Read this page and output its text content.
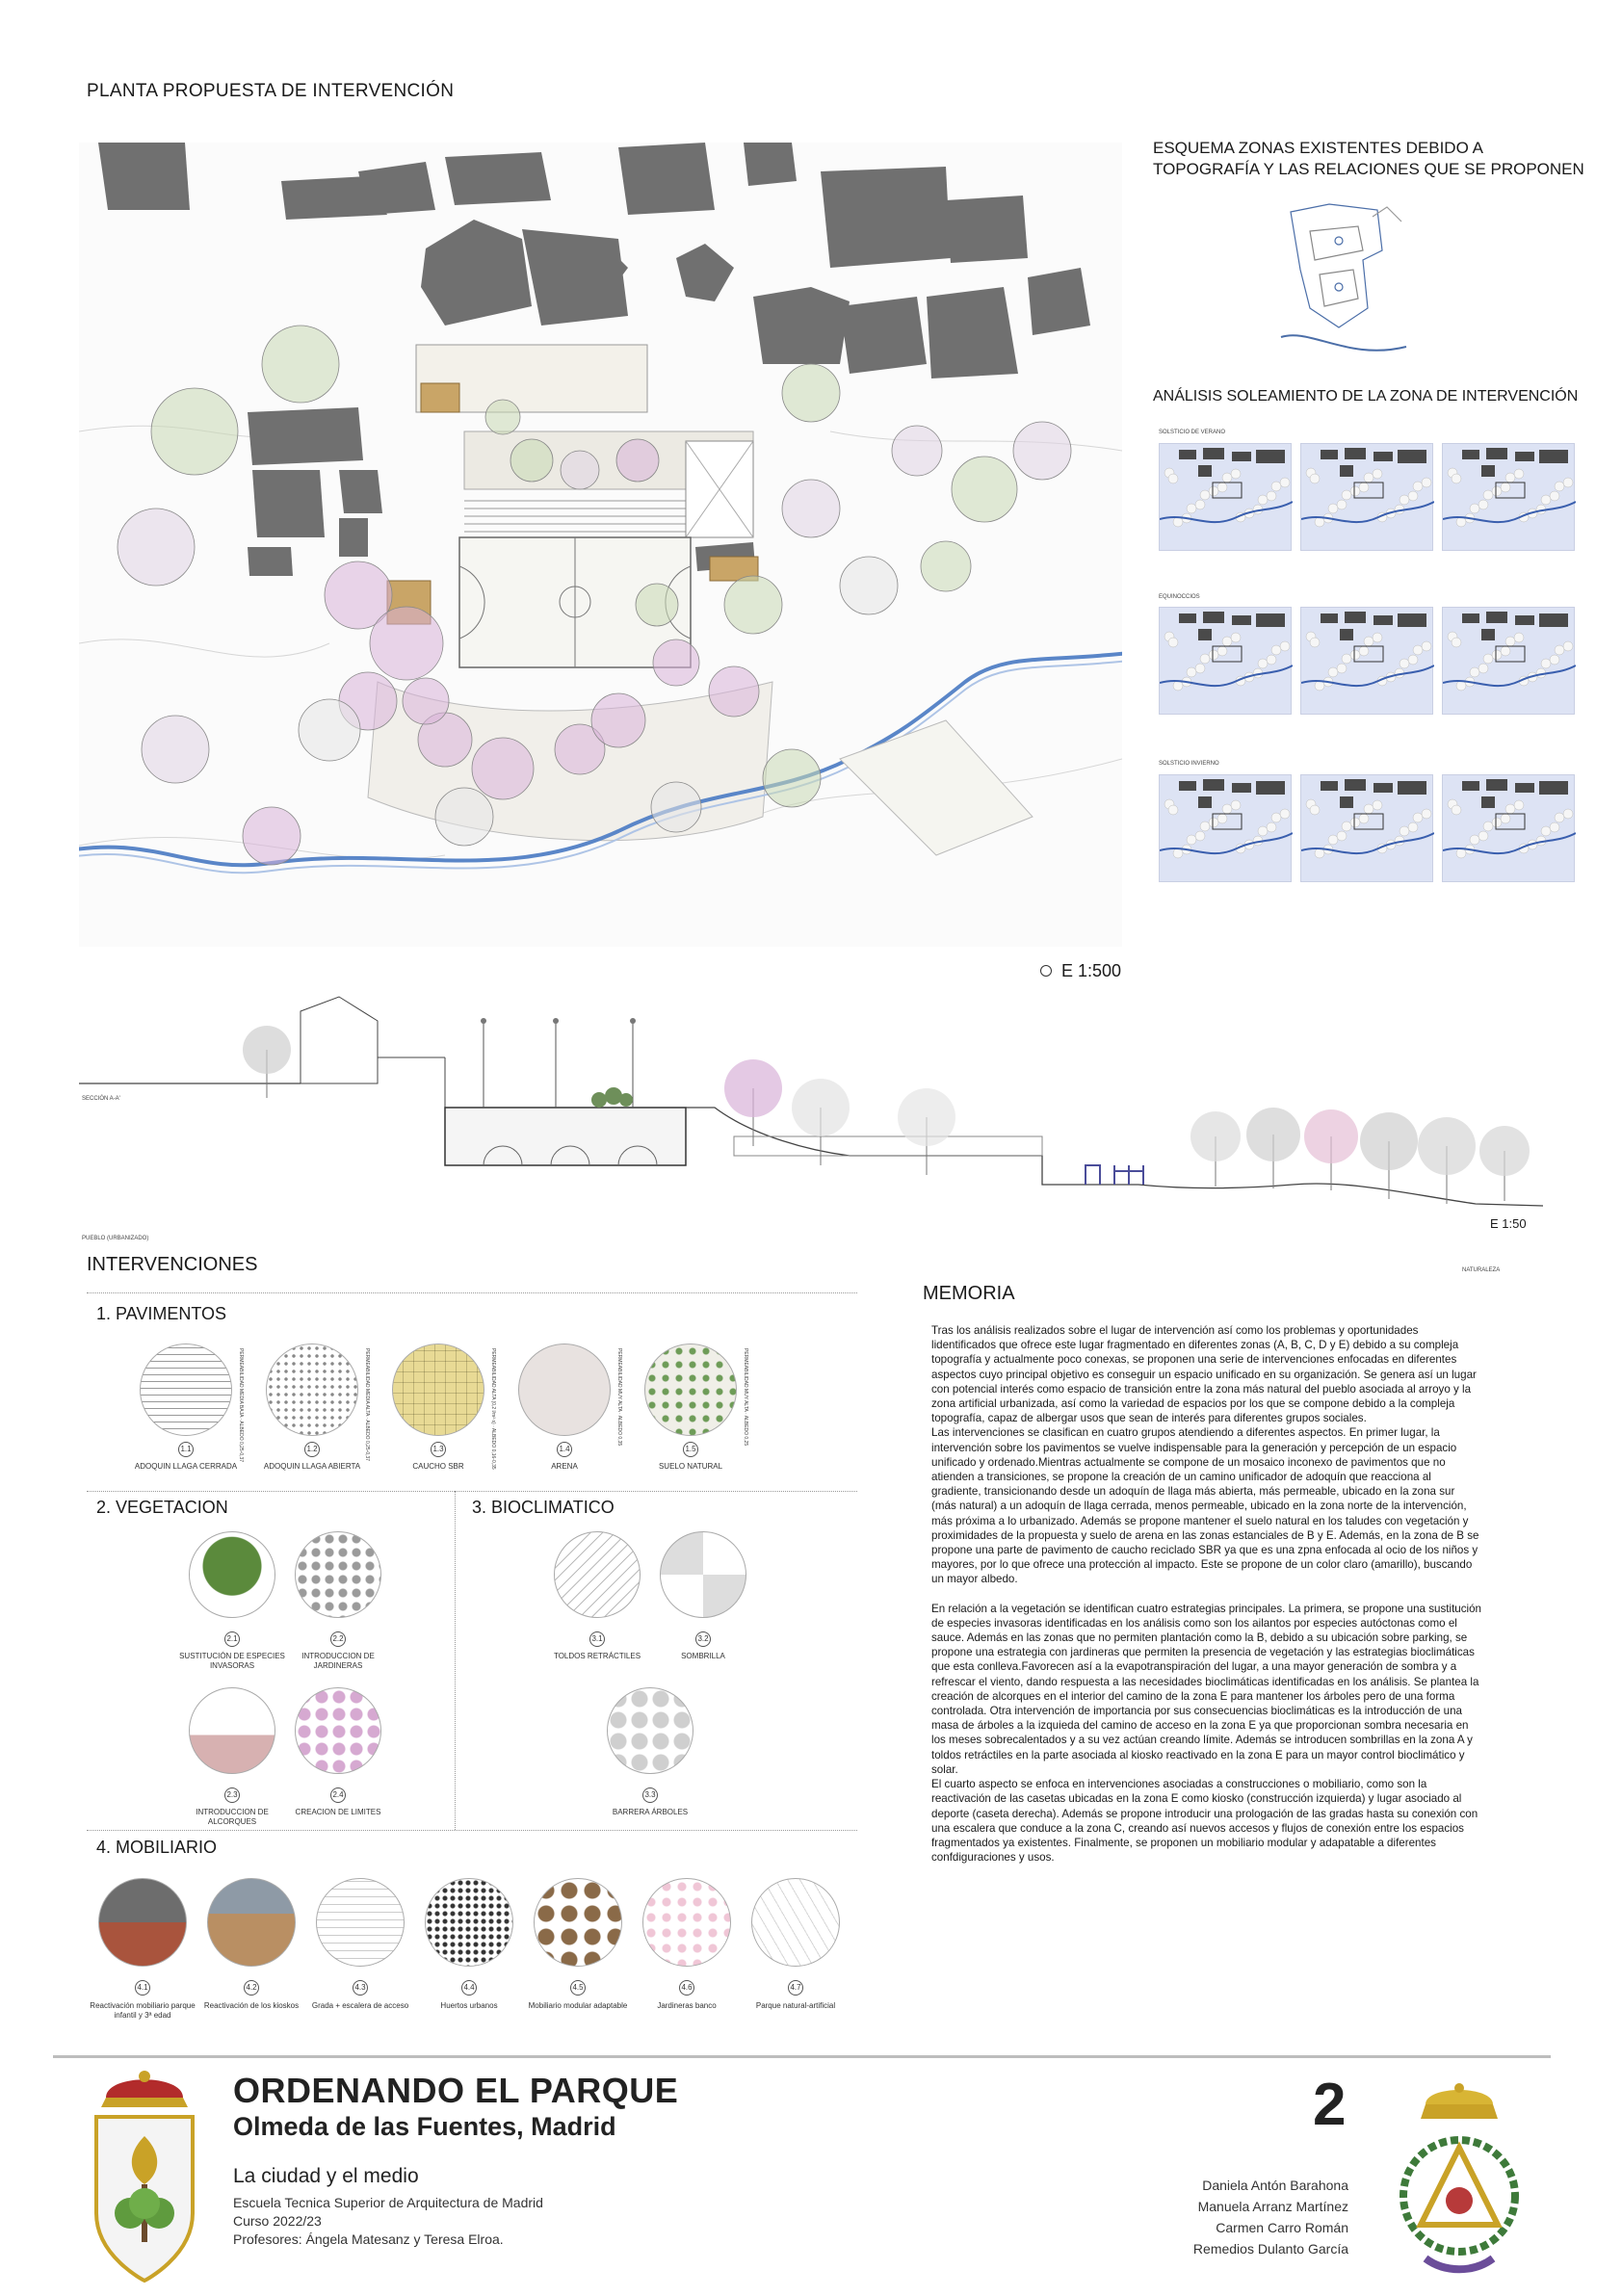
PLANTA PROPUESTA DE INTERVENCIÓN
ESQUEMA ZONAS EXISTENTES DEBIDO A
TOPOGRAFÍA Y LAS RELACIONES QUE SE PROPONEN
ANÁLISIS SOLEAMIENTO DE LA ZONA DE INTERVENCIÓN
SOLSTICIO DE VERANO
EQUINOCCIOS
SOLSTICIO INVIERNO
E 1:500
SECCIÓN A-A'
PUEBLO (URBANIZADO)
E 1:50
NATURALEZA
INTERVENCIONES
1. PAVIMENTOS
PERMEABILIDAD MEDIA BAJA · ALBEDO 0,25-0,37
1.1
ADOQUIN LLAGA CERRADA
PERMEABILIDAD MEDIA ALTA · ALBEDO 0,25-0,37
1.2
ADOQUIN LLAGA ABIERTA	PERMEABILIDAD ALTA (0,2 l/m²·s) · ALBEDO 0,16-0,35
1.3
CAUCHO SBR
PERMEABILIDAD MUY ALTA · ALBEDO 0,35
1.4
ARENA
PERMEABILIDAD MUY ALTA · ALBEDO 0,25
1.5
SUELO NATURAL
2. VEGETACION	3. BIOCLIMATICO
2.1
SUSTITUCIÓN DE ESPECIES INVASORAS
2.2
INTRODUCCION DE JARDINERAS
2.3
INTRODUCCION DE ALCORQUES
2.4
CREACION DE LIMITES
3.1
TOLDOS RETRÁCTILES
3.2
SOMBRILLA
3.3
BARRERA ÁRBOLES
4. MOBILIARIO
4.1
Reactivación mobiliario parque infantil y 3ª edad
4.2
Reactivación de los kioskos
4.3
Grada + escalera de acceso
4.4
Huertos urbanos
4.5
Mobiliario modular adaptable
4.6
Jardineras banco
4.7
Parque natural-artificial
MEMORIA

Tras los análisis realizados sobre el lugar de intervención así como los problemas y oportunidades lidentificados que ofrece este lugar fragmentado en diferentes zonas (A, B, C, D y E) debido a su compleja topografía y actualmente poco conexas, se proponen una serie de intervenciones enfocadas en diferentes aspectos cuyo principal objetivo es conseguir un espacio unificado en su organización. Se genera así un lugar con potencial interés como espacio de transición entre la zona más natural del pueblo asociada al arroyo y la zona artificial urbanizada, así como la variedad de espacios por los que se compone debido a la compleja topografía, capaz de albergar usos que sean de interés para diferentes grupos sociales.

Las intervenciones se clasifican en cuatro grupos atendiendo a diferentes aspectos. En primer lugar, la intervención sobre los pavimentos se vuelve indispensable para la generación y percepción de un espacio unificado y ordenado.Mientras actualmente se compone de un mosaico inconexo de pavimentos que no atienden a transiciones, se propone la creación de un camino unificador de adoquín que reacciona al gradiente, transicionando desde un adoquín de llaga más abierta, más permeable, ubicado en la zona sur (más natural) a un adoquín de llaga cerrada, menos permeable, ubicado en la zona norte de la intervención, más próxima a lo urbanizado. Además se propone mantener el suelo natural en los taludes con vegetación y proximidades de la propuesta y suelo de arena en las zonas estanciales de B y E. Además, en la zona de B se propone una parte de pavimento de caucho reciclado SBR ya que es una zpna enfocada al ocio de los niños y mayores, por lo que ofrece una protección al impacto. Este se propone de un color claro (amarillo), buscando un mayor albedo.

En relación a la vegetación se identifican cuatro estrategias principales. La primera, se propone una sustitución de especies invasoras identificadas en los análisis como son los ailantos por especies autóctonas como el sauce. Además en las zonas que no permiten plantación como la B, debido a su ubicación sobre parking, se propone una estrategia con jardineras que permiten la presencia de vegetación y las estrategias bioclimáticas que esta conlleva.Favorecen así a la evapotranspiración del lugar, a una mayor generación de sombra y a refrescar el viento, dando respuesta a las necesidades bioclimáticas identificadas en los análisis. Se plantea la creación de alcorques en el interior del camino de la zona E para mantener los árboles pero de una forma controlada. Otra intervención de importancia por sus consecuencias bioclimáticas es la introducción de una masa de árboles a la izquieda del camino de acceso en la zona E ya que proporcionan sombra necesaria en los meses sobrecalentados y a su vez actúan creando límite. Además se introducen sombrillas en la zona A y toldos retráctiles en la parte asociada al kiosko reactivado en la zona E para un mayor control bioclimático y solar.

El cuarto aspecto se enfoca en intervenciones asociadas a construcciones o mobiliario, como son la reactivación de las casetas ubicadas en la zona E como kiosko (construcción izquierda) y lugar asociado al deporte (caseta derecha). Además se propone introducir una prologación de las gradas hasta su conexión con una escalera que conduce a la zona C, creando así nuevos accesos y flujos de conexión entre los espacios fragmentados ya existentes. Finalmente, se proponen un mobiliario modular y adapatable a diferentes confdiguraciones y usos.

ORDENANDO EL PARQUE
Olmeda de las Fuentes, Madrid
La ciudad y el medio
Escuela Tecnica Superior de Arquitectura de Madrid
Curso 2022/23
Profesores: Ángela Matesanz y Teresa Elroa.
2
Daniela Antón Barahona
Manuela Arranz Martínez
Carmen Carro Román
Remedios Dulanto García
